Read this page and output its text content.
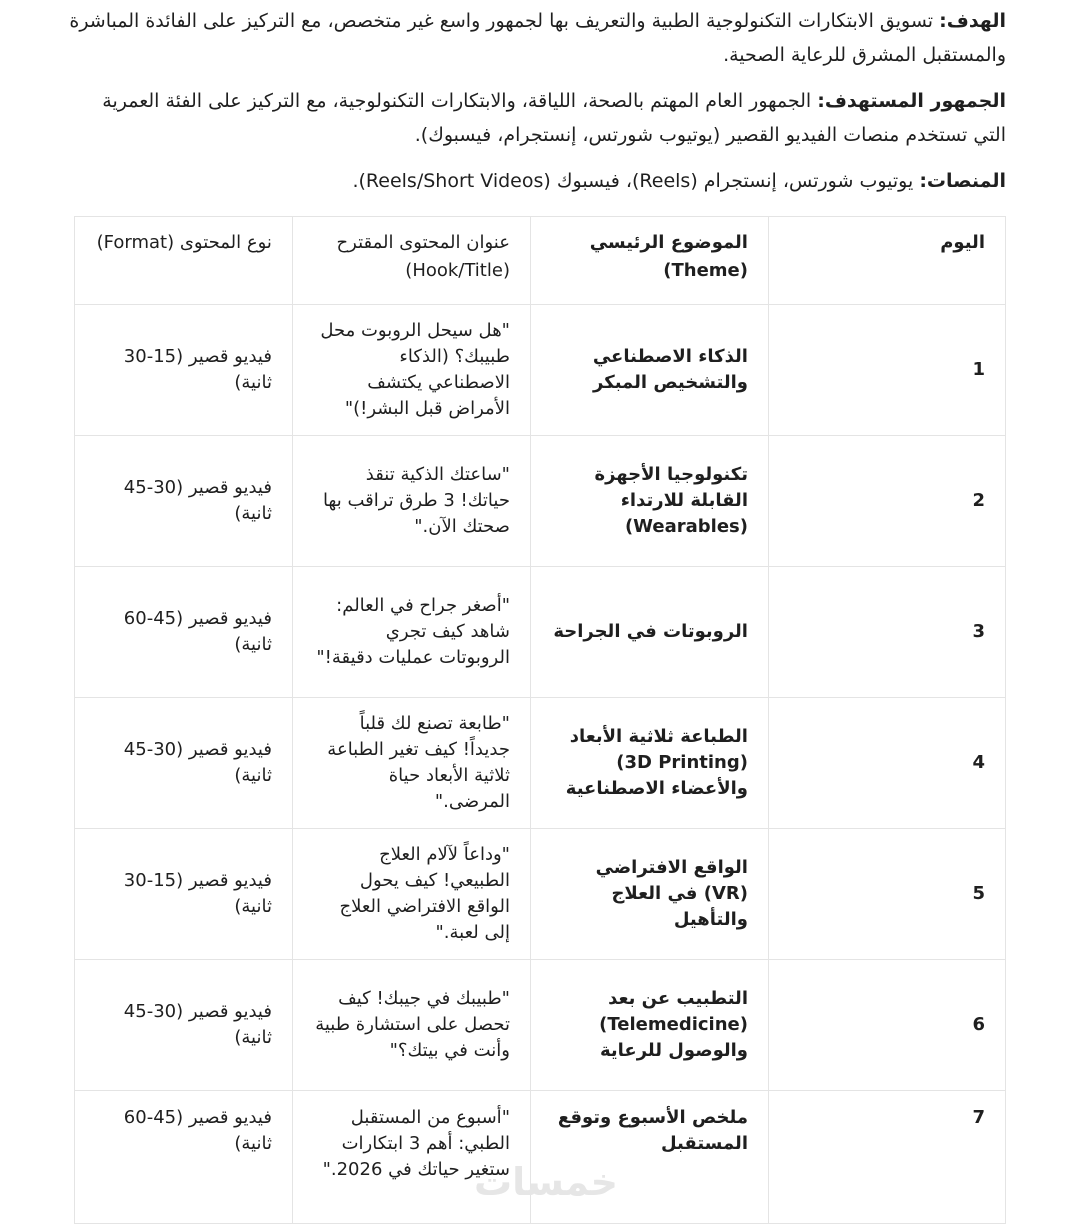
الهدف: تسويق الابتكارات التكنولوجية الطبية والتعريف بها لجمهور واسع غير متخصص، مع التركيز على الفائدة المباشرة والمستقبل المشرق للرعاية الصحية.

الجمهور المستهدف: الجمهور العام المهتم بالصحة، اللياقة، والابتكارات التكنولوجية، مع التركيز على الفئة العمرية التي تستخدم منصات الفيديو القصير (يوتيوب شورتس، إنستجرام، فيسبوك).

المنصات: يوتيوب شورتس، إنستجرام (Reels)، فيسبوك (Reels/Short Videos).

اليوم	الموضوع الرئيسي (Theme)	عنوان المحتوى المقترح (Hook/Title)	نوع المحتوى (Format)
1	الذكاء الاصطناعي والتشخيص المبكر	"هل سيحل الروبوت محل طبيبك؟ (الذكاء الاصطناعي يكتشف الأمراض قبل البشر!)"	فيديو قصير (15-30 ثانية)
2	تكنولوجيا الأجهزة القابلة للارتداء (Wearables)	"ساعتك الذكية تنقذ حياتك! 3 طرق تراقب بها صحتك الآن."	فيديو قصير (30-45 ثانية)
3	الروبوتات في الجراحة	"أصغر جراح في العالم: شاهد كيف تجري الروبوتات عمليات دقيقة!"	فيديو قصير (45-60 ثانية)
4	الطباعة ثلاثية الأبعاد (3D Printing) والأعضاء الاصطناعية	"طابعة تصنع لك قلباً جديداً! كيف تغير الطباعة ثلاثية الأبعاد حياة المرضى."	فيديو قصير (30-45 ثانية)
5	الواقع الافتراضي (VR) في العلاج والتأهيل	"وداعاً لآلام العلاج الطبيعي! كيف يحول الواقع الافتراضي العلاج إلى لعبة."	فيديو قصير (15-30 ثانية)
6	التطبيب عن بعد (Telemedicine) والوصول للرعاية	"طبيبك في جيبك! كيف تحصل على استشارة طبية وأنت في بيتك؟"	فيديو قصير (30-45 ثانية)
7	ملخص الأسبوع وتوقع المستقبل	"أسبوع من المستقبل الطبي: أهم 3 ابتكارات ستغير حياتك في 2026."	فيديو قصير (45-60 ثانية)
خمسات
